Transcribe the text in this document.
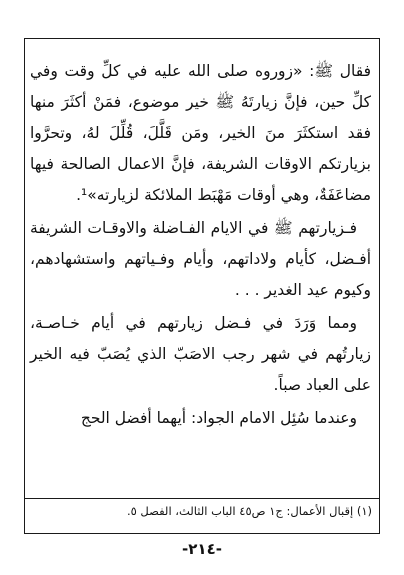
فقال ﷺ: «زوروه صلى الله عليه في كلِّ وقت وفي كلِّ حين، فإنَّ زيارتَهُ ﷺ خير موضوع، فمَنْ أكثَرَ منها فقد استكثَرَ منَ الخير، ومَن قَلَّلَ، قُلِّلَ لهُ، وتحرَّوا بزيارتكم الاوقات الشريفة، فإنَّ الاعمال الصالحة فيها مضاعَفَةٌ، وهي أوقات مَهْبَط الملائكة لزيارته»¹.

فـزيارتهم ﷺ في الايام الفـاضلة والاوقـات الشريفة أفـضل، كأيام ولاداتهم، وأيام وفـياتهم واستشهادهم، وكيوم عيد الغدير . . .

ومما وَرَدَ في فـضل زيارتهم في أيام خـاصـة، زيارتُهم في شهر رجب الاصَبّ الذي يُصَبّ فيه الخير على العباد صباً.

وعندما سُئِل الامام الجواد: أيهما أفضل الحج

(١) إقبال الأعمال: ج١ ص٤٥ الباب الثالث، الفصل ٥.
-٢١٤-
